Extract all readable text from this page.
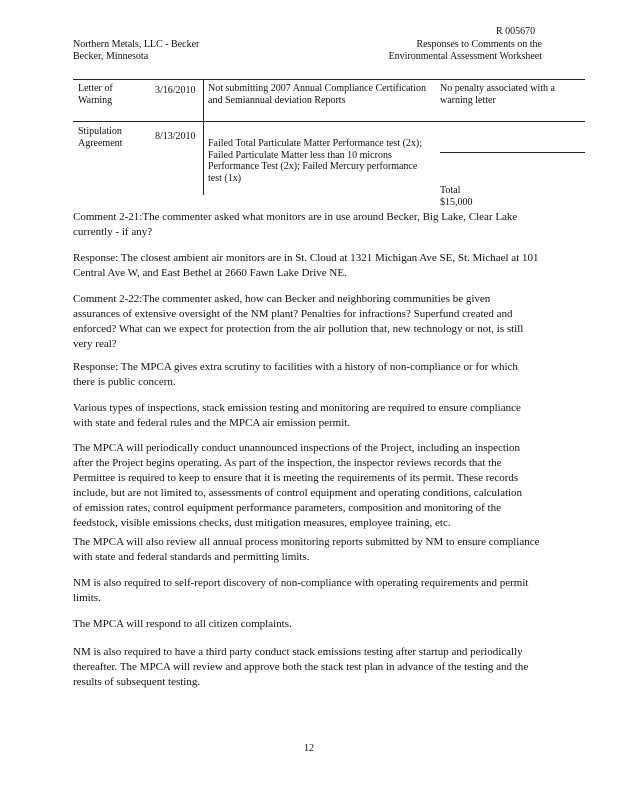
R 005670
Northern Metals, LLC - Becker
Becker, Minnesota
Responses to Comments on the
Environmental Assessment Worksheet
Letter of
Warning
3/16/2010 Not submitting 2007 Annual Compliance Certification
and Semiannual deviation Reports
No penalty associated with a
warning letter
Stipulation
Agreement
8/13/2010
Failed Total Particulate Matter Performance test (2x);
Failed Particulate Matter less than 10 microns
Performance Test (2x); Failed Mercury performance
test (1x)
Total $15,000

Comment 2-21:The commenter asked what monitors are in use around Becker, Big Lake, Clear Lake

currently - if any?

Response: The closest ambient air monitors are in St. Cloud at 1321 Michigan Ave SE, St. Michael at 101

Central Ave W, and East Bethel at 2660 Fawn Lake Drive NE.

Comment 2-22:The commenter asked, how can Becker and neighboring communities be given

assurances of extensive oversight of the NM plant? Penalties for infractions? Superfund created and

enforced? What can we expect for protection from the air pollution that, new technology or not, is still

very real?

Response: The MPCA gives extra scrutiny to facilities with a history of non-compliance or for which

there is public concern.

Various types of inspections, stack emission testing and monitoring are required to ensure compliance

with state and federal rules and the MPCA air emission permit.

The MPCA will periodically conduct unannounced inspections of the Project, including an inspection

after the Project begins operating. As part of the inspection, the inspector reviews records that the

Permittee is required to keep to ensure that it is meeting the requirements of its permit. These records

include, but are not limited to, assessments of control equipment and operating conditions, calculation

of emission rates, control equipment performance parameters, composition and monitoring of the

feedstock, visible emissions checks, dust mitigation measures, employee training, etc.

The MPCA will also review all annual process monitoring reports submitted by NM to ensure compliance

with state and federal standards and permitting limits.

NM is also required to self-report discovery of non-compliance with operating requirements and permit

limits.

The MPCA will respond to all citizen complaints.

NM is also required to have a third party conduct stack emissions testing after startup and periodically

thereafter. The MPCA will review and approve both the stack test plan in advance of the testing and the

results of subsequent testing.

12
